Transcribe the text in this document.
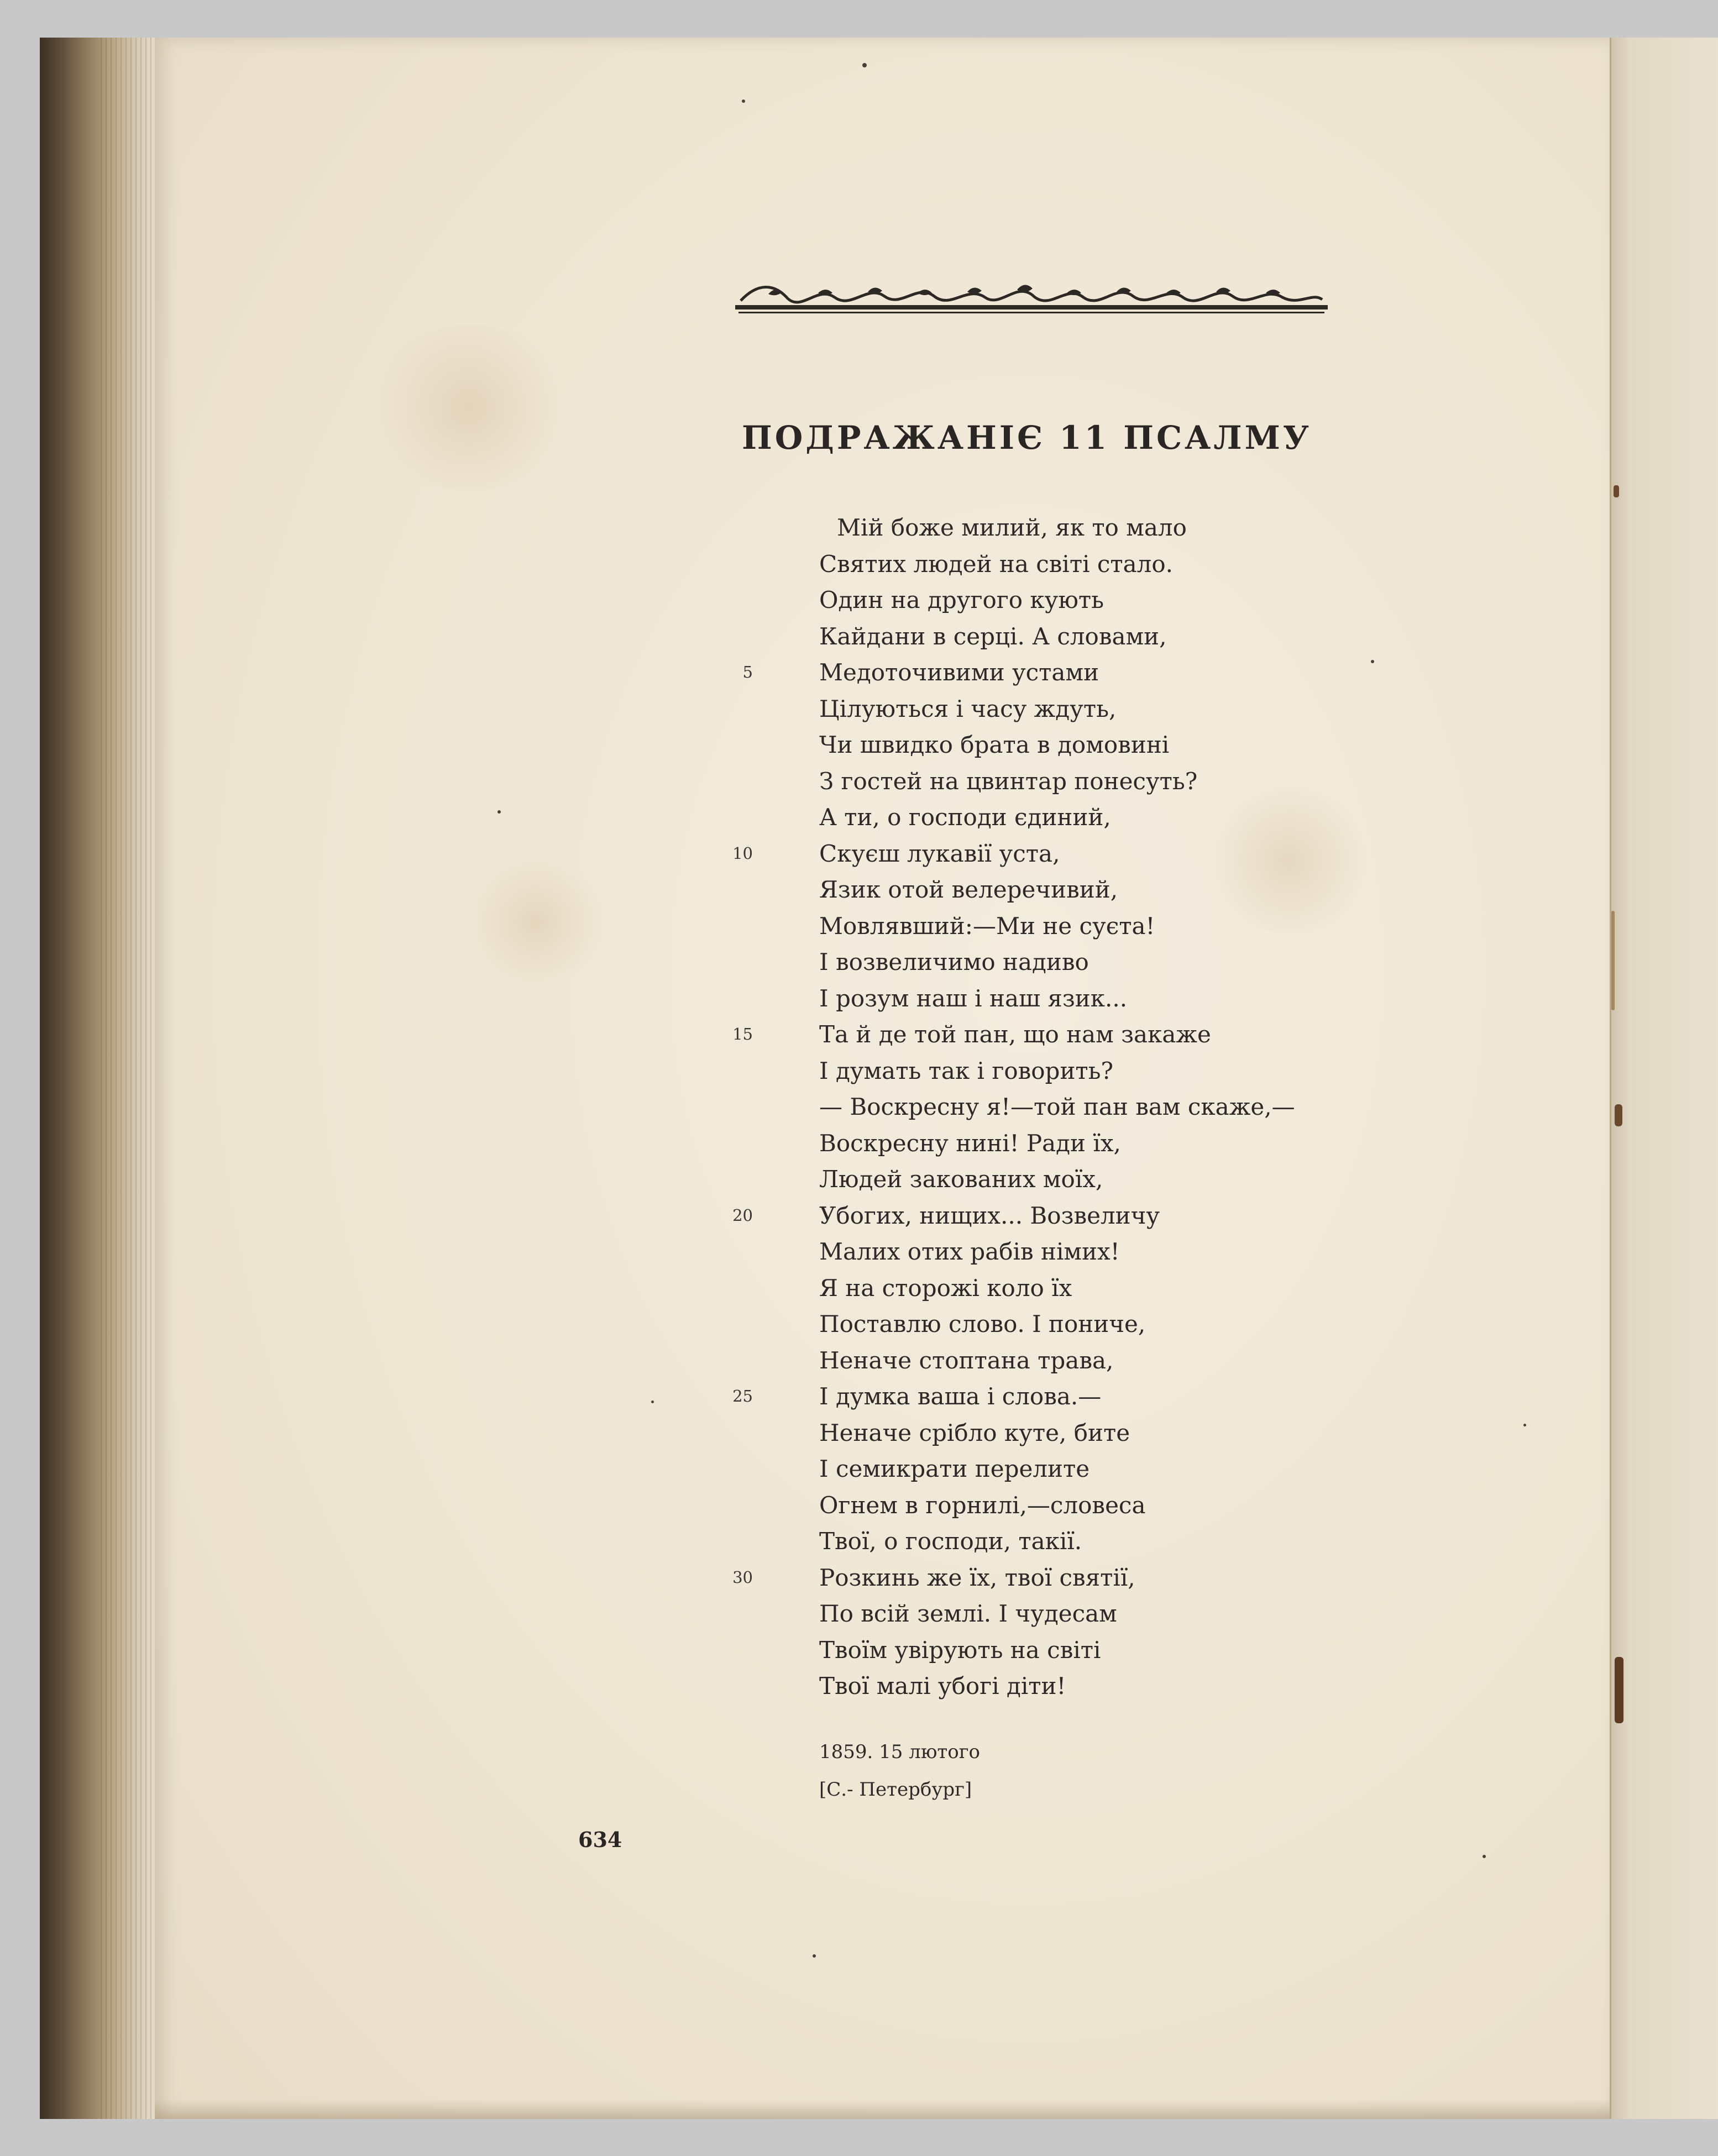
ПОДРАЖАНІЄ 11 ПСАЛМУ
Мій боже милий, як то мало
Святих людей на світі стало.
Один на другого кують
Кайдани в серці. А словами,
5	Медоточивими устами
Цілуються і часу ждуть,
Чи швидко брата в домовині
З гостей на цвинтар понесуть?
А ти, о господи єдиний,
10	Скуєш лукавії уста,
Язик отой велеречивий,
Мовлявший:—Ми не суєта!
І возвеличимо надиво
І розум наш і наш язик...
15	Та й де той пан, що нам закаже
І думать так і говорить?
— Воскресну я!—той пан вам скаже,—
Воскресну нині! Ради їх,
Людей закованих моїх,
20	Убогих, нищих... Возвеличу
Малих отих рабів німих!
Я на сторожі коло їх
Поставлю слово. І пониче,
Неначе стоптана трава,
25	І думка ваша і слова.—
Неначе срібло куте, бите
І семикрати перелите
Огнем в горнилі,—словеса
Твої, о господи, такії.
30	Розкинь же їх, твої святії,
По всій землі. І чудесам
Твоїм увірують на світі
Твої малі убогі діти!
1859. 15 лютого
[С.- Петербург]
634
